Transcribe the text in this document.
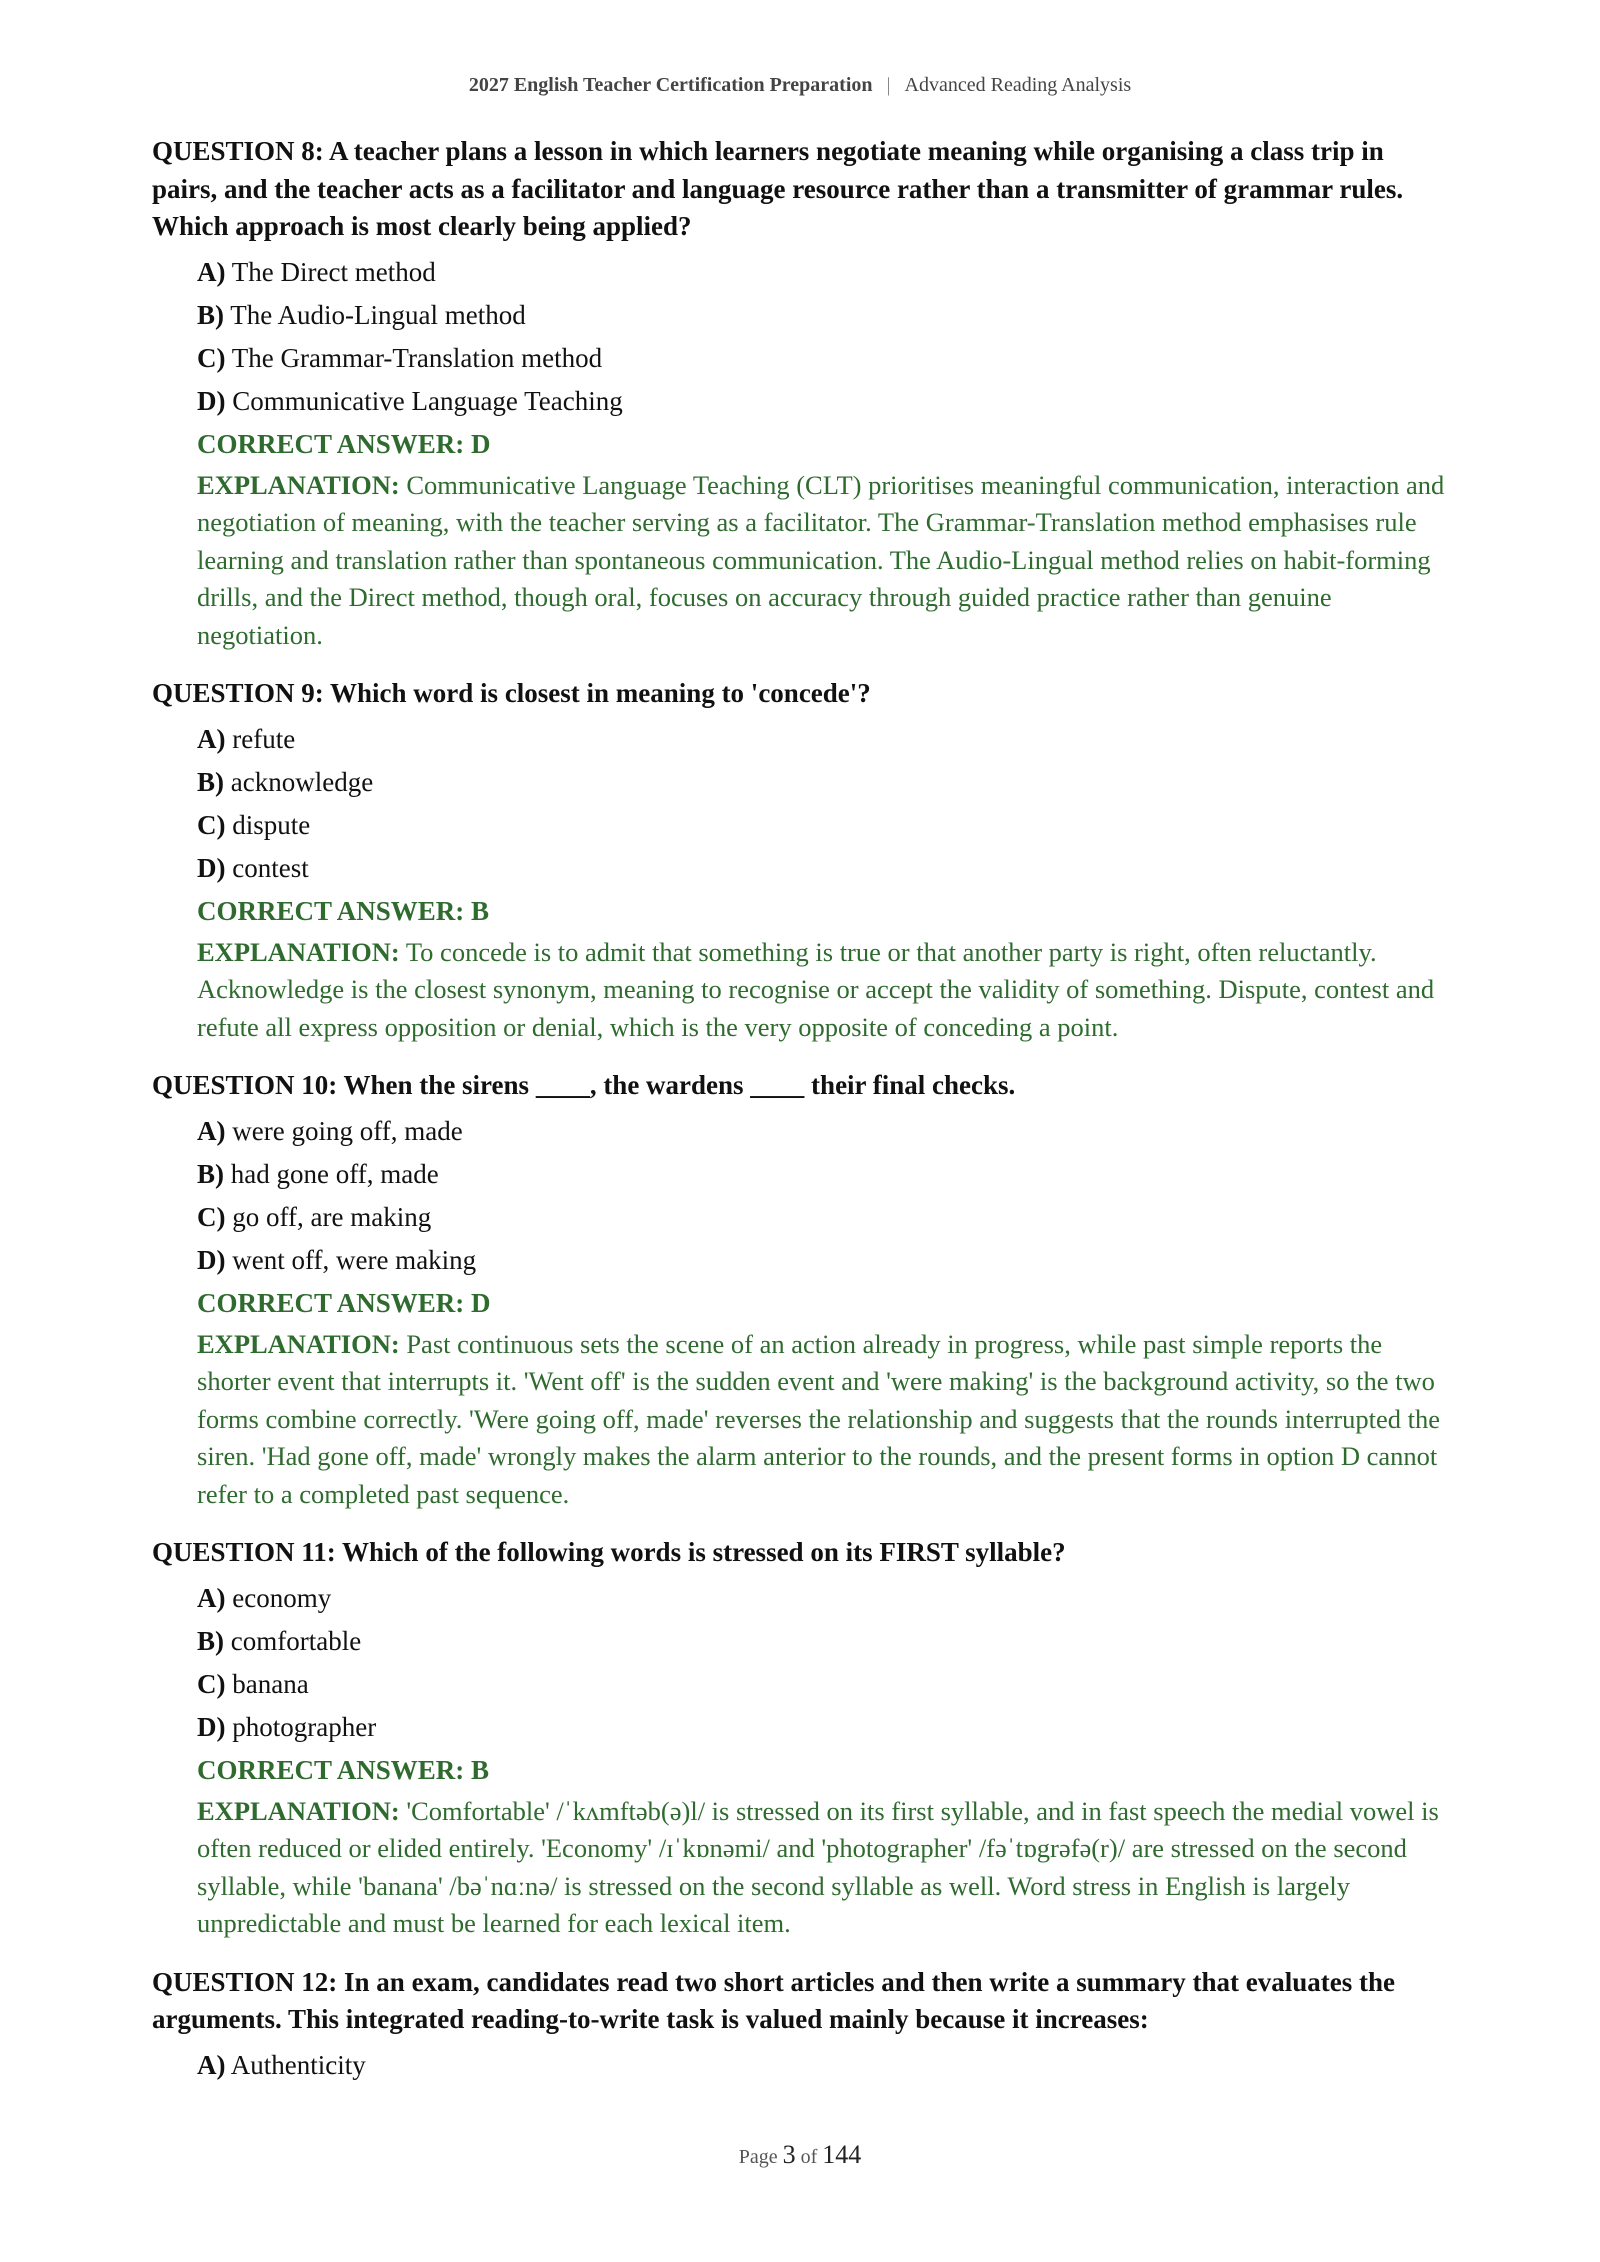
2027 English Teacher Certification Preparation | Advanced Reading Analysis

QUESTION 8: A teacher plans a lesson in which learners negotiate meaning while organising a class trip in pairs, and the teacher acts as a facilitator and language resource rather than a transmitter of grammar rules. Which approach is most clearly being applied?

A) The Direct method
B) The Audio-Lingual method
C) The Grammar-Translation method
D) Communicative Language Teaching
CORRECT ANSWER: D
EXPLANATION: Communicative Language Teaching (CLT) prioritises meaningful communication, interaction and negotiation of meaning, with the teacher serving as a facilitator. The Grammar-Translation method emphasises rule learning and translation rather than spontaneous communication. The Audio-Lingual method relies on habit-forming drills, and the Direct method, though oral, focuses on accuracy through guided practice rather than genuine negotiation.

QUESTION 9: Which word is closest in meaning to 'concede'?

A) refute
B) acknowledge
C) dispute
D) contest
CORRECT ANSWER: B
EXPLANATION: To concede is to admit that something is true or that another party is right, often reluctantly. Acknowledge is the closest synonym, meaning to recognise or accept the validity of something. Dispute, contest and refute all express opposition or denial, which is the very opposite of conceding a point.

QUESTION 10: When the sirens ____, the wardens ____ their final checks.

A) were going off, made
B) had gone off, made
C) go off, are making
D) went off, were making
CORRECT ANSWER: D
EXPLANATION: Past continuous sets the scene of an action already in progress, while past simple reports the shorter event that interrupts it. 'Went off' is the sudden event and 'were making' is the background activity, so the two forms combine correctly. 'Were going off, made' reverses the relationship and suggests that the rounds interrupted the siren. 'Had gone off, made' wrongly makes the alarm anterior to the rounds, and the present forms in option D cannot refer to a completed past sequence.

QUESTION 11: Which of the following words is stressed on its FIRST syllable?

A) economy
B) comfortable
C) banana
D) photographer
CORRECT ANSWER: B
EXPLANATION: 'Comfortable' /ˈkʌmftəb(ə)l/ is stressed on its first syllable, and in fast speech the medial vowel is often reduced or elided entirely. 'Economy' /ɪˈkɒnəmi/ and 'photographer' /fəˈtɒgrəfə(r)/ are stressed on the second syllable, while 'banana' /bəˈnɑːnə/ is stressed on the second syllable as well. Word stress in English is largely unpredictable and must be learned for each lexical item.

QUESTION 12: In an exam, candidates read two short articles and then write a summary that evaluates the arguments. This integrated reading-to-write task is valued mainly because it increases:

A) Authenticity
Page 3 of 144
